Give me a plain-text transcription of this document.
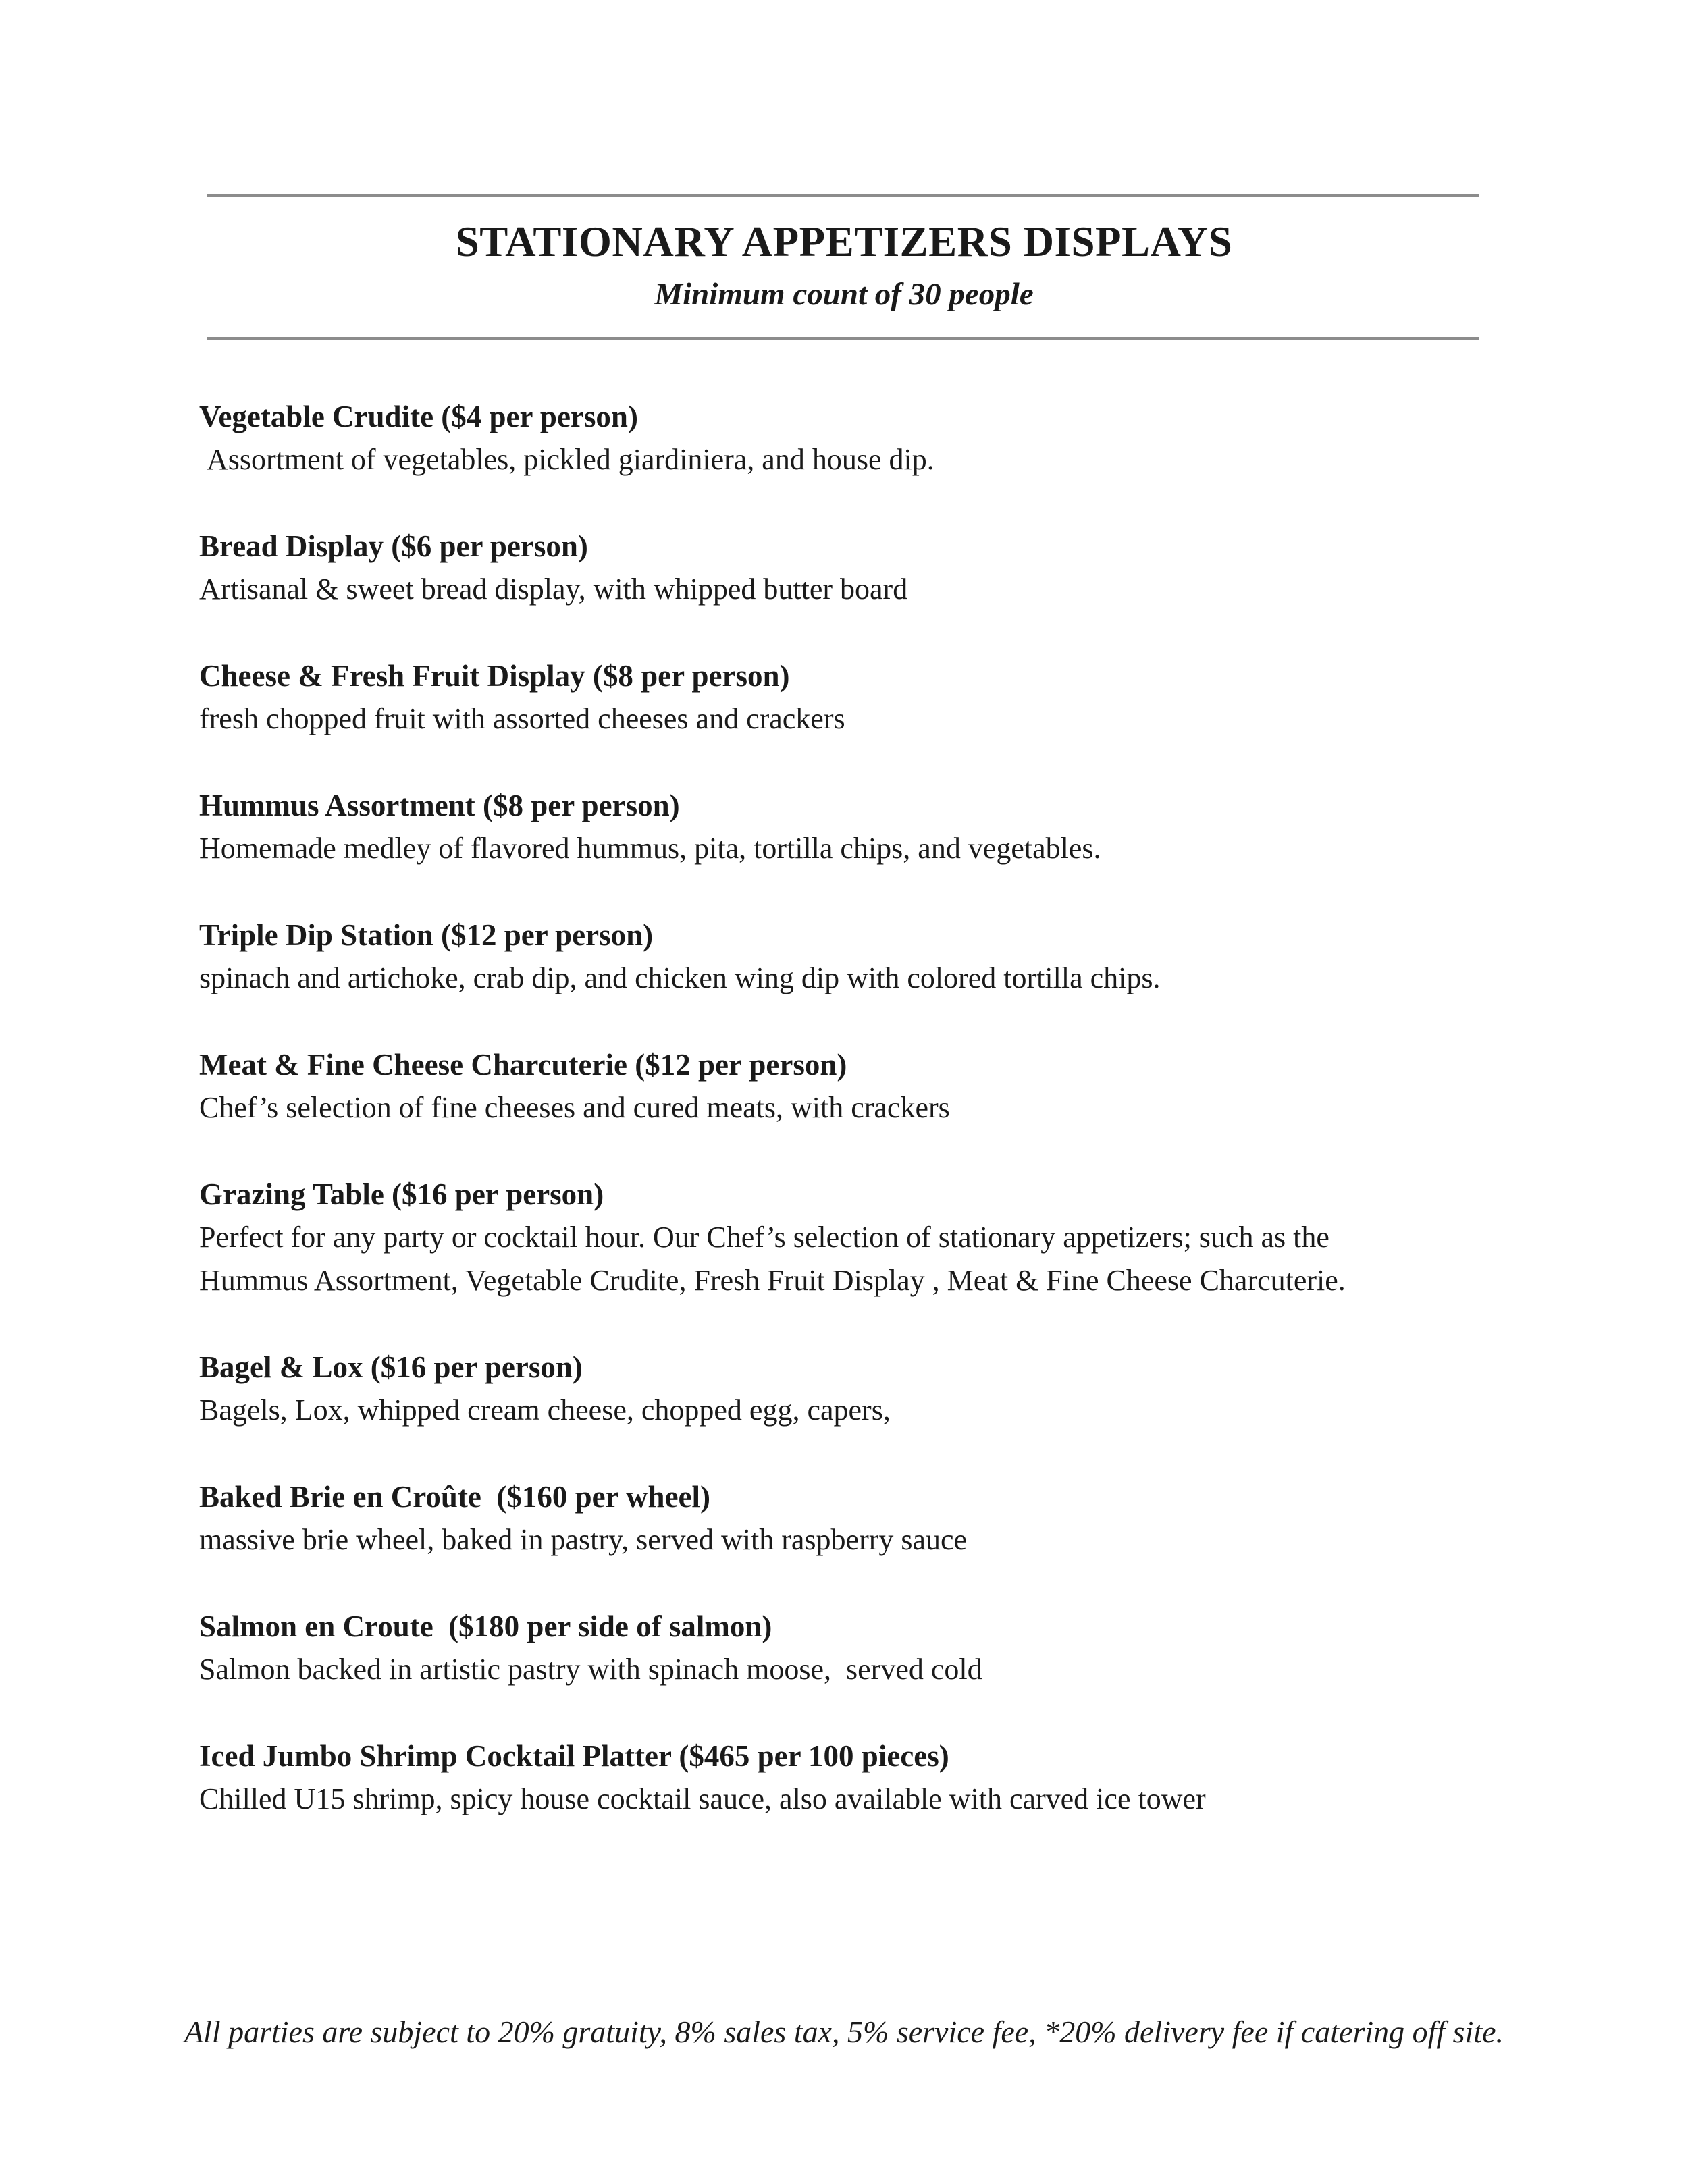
STATIONARY APPETIZERS DISPLAYS
Minimum count of 30 people
Vegetable Crudite ($4 per person)
Assortment of vegetables, pickled giardiniera, and house dip.
Bread Display ($6 per person)
Artisanal & sweet bread display, with whipped butter board
Cheese & Fresh Fruit Display ($8 per person)
fresh chopped fruit with assorted cheeses and crackers
Hummus Assortment ($8 per person)
Homemade medley of flavored hummus, pita, tortilla chips, and vegetables.
Triple Dip Station ($12 per person)
spinach and artichoke, crab dip, and chicken wing dip with colored tortilla chips.
Meat & Fine Cheese Charcuterie ($12 per person)
Chef’s selection of fine cheeses and cured meats, with crackers
Grazing Table ($16 per person)
Perfect for any party or cocktail hour. Our Chef’s selection of stationary appetizers; such as the
Hummus Assortment, Vegetable Crudite, Fresh Fruit Display , Meat & Fine Cheese Charcuterie.
Bagel & Lox ($16 per person)
Bagels, Lox, whipped cream cheese, chopped egg, capers,
Baked Brie en Croûte  ($160 per wheel)
massive brie wheel, baked in pastry, served with raspberry sauce
Salmon en Croute  ($180 per side of salmon)
Salmon backed in artistic pastry with spinach moose,  served cold
Iced Jumbo Shrimp Cocktail Platter ($465 per 100 pieces)
Chilled U15 shrimp, spicy house cocktail sauce, also available with carved ice tower
All parties are subject to 20% gratuity, 8% sales tax, 5% service fee, *20% delivery fee if catering off site.
